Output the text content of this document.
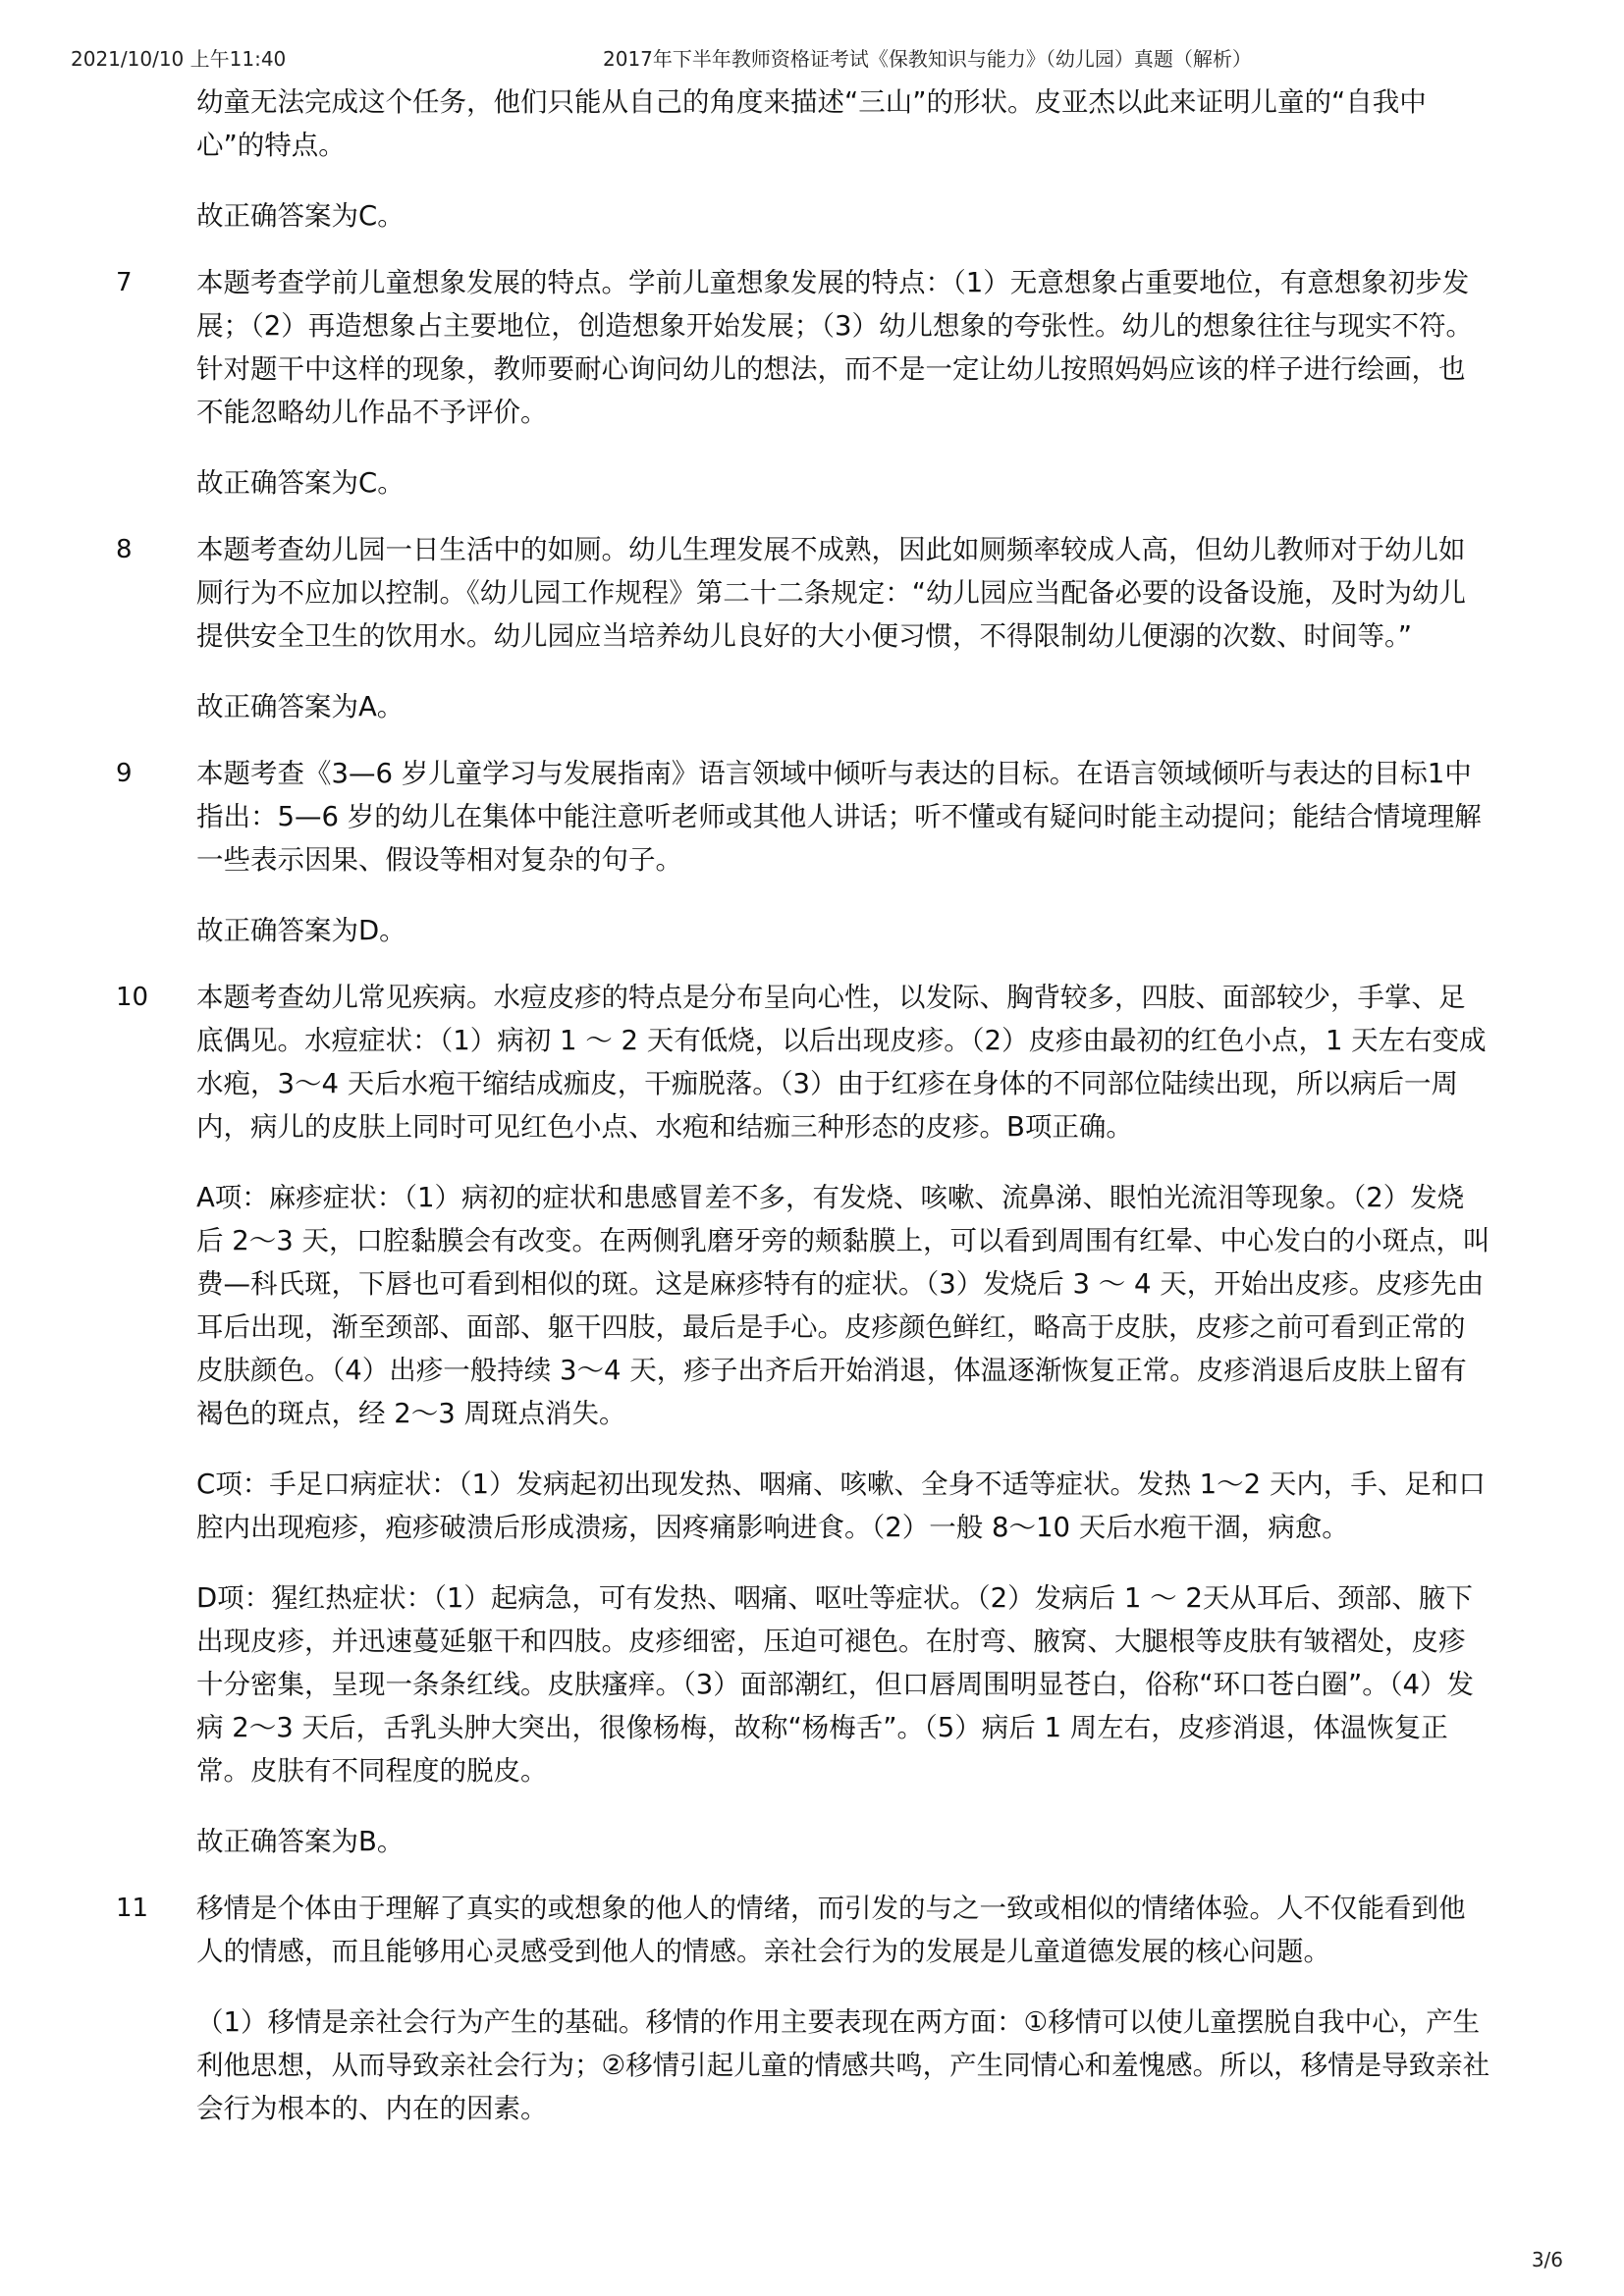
2021/10/10 上午11:40	2017年下半年教师资格证考试《保教知识与能力》（幼儿园）真题（解析）

幼童无法完成这个任务，他们只能从自己的角度来描述“三山”的形状。皮亚杰以此来证明儿童的“自我中心”的特点。

故正确答案为C。

7	本题考查学前儿童想象发展的特点。学前儿童想象发展的特点：（1）无意想象占重要地位，有意想象初步发展；（2）再造想象占主要地位，创造想象开始发展；（3）幼儿想象的夸张性。幼儿的想象往往与现实不符。针对题干中这样的现象，教师要耐心询问幼儿的想法，而不是一定让幼儿按照妈妈应该的样子进行绘画，也不能忽略幼儿作品不予评价。

故正确答案为C。

8	本题考查幼儿园一日生活中的如厕。幼儿生理发展不成熟，因此如厕频率较成人高，但幼儿教师对于幼儿如厕行为不应加以控制。《幼儿园工作规程》第二十二条规定：“幼儿园应当配备必要的设备设施，及时为幼儿提供安全卫生的饮用水。幼儿园应当培养幼儿良好的大小便习惯，不得限制幼儿便溺的次数、时间等。”

故正确答案为A。

9	本题考查《3—6 岁儿童学习与发展指南》语言领域中倾听与表达的目标。在语言领域倾听与表达的目标1中指出：5—6 岁的幼儿在集体中能注意听老师或其他人讲话；听不懂或有疑问时能主动提问；能结合情境理解一些表示因果、假设等相对复杂的句子。

故正确答案为D。

10	本题考查幼儿常见疾病。水痘皮疹的特点是分布呈向心性，以发际、胸背较多，四肢、面部较少，手掌、足底偶见。水痘症状：（1）病初 1 ～ 2 天有低烧，以后出现皮疹。（2）皮疹由最初的红色小点，1 天左右变成水疱，3～4 天后水疱干缩结成痂皮，干痂脱落。（3）由于红疹在身体的不同部位陆续出现，所以病后一周内，病儿的皮肤上同时可见红色小点、水疱和结痂三种形态的皮疹。B项正确。

A项：麻疹症状：（1）病初的症状和患感冒差不多，有发烧、咳嗽、流鼻涕、眼怕光流泪等现象。（2）发烧后 2～3 天，口腔黏膜会有改变。在两侧乳磨牙旁的颊黏膜上，可以看到周围有红晕、中心发白的小斑点，叫费—科氏斑，下唇也可看到相似的斑。这是麻疹特有的症状。（3）发烧后 3 ～ 4 天，开始出皮疹。皮疹先由耳后出现，渐至颈部、面部、躯干四肢，最后是手心。皮疹颜色鲜红，略高于皮肤，皮疹之前可看到正常的皮肤颜色。（4）出疹一般持续 3～4 天，疹子出齐后开始消退，体温逐渐恢复正常。皮疹消退后皮肤上留有褐色的斑点，经 2～3 周斑点消失。

C项：手足口病症状：（1）发病起初出现发热、咽痛、咳嗽、全身不适等症状。发热 1～2 天内，手、足和口腔内出现疱疹，疱疹破溃后形成溃疡，因疼痛影响进食。（2）一般 8～10 天后水疱干涸，病愈。

D项：猩红热症状：（1）起病急，可有发热、咽痛、呕吐等症状。（2）发病后 1 ～ 2天从耳后、颈部、腋下出现皮疹，并迅速蔓延躯干和四肢。皮疹细密，压迫可褪色。在肘弯、腋窝、大腿根等皮肤有皱褶处，皮疹十分密集，呈现一条条红线。皮肤瘙痒。（3）面部潮红，但口唇周围明显苍白，俗称“环口苍白圈”。（4）发病 2～3 天后，舌乳头肿大突出，很像杨梅，故称“杨梅舌”。（5）病后 1 周左右，皮疹消退，体温恢复正常。皮肤有不同程度的脱皮。

故正确答案为B。

11	移情是个体由于理解了真实的或想象的他人的情绪，而引发的与之一致或相似的情绪体验。人不仅能看到他人的情感，而且能够用心灵感受到他人的情感。亲社会行为的发展是儿童道德发展的核心问题。

（1）移情是亲社会行为产生的基础。移情的作用主要表现在两方面：①移情可以使儿童摆脱自我中心，产生利他思想，从而导致亲社会行为；②移情引起儿童的情感共鸣，产生同情心和羞愧感。所以，移情是导致亲社会行为根本的、内在的因素。

3/6
